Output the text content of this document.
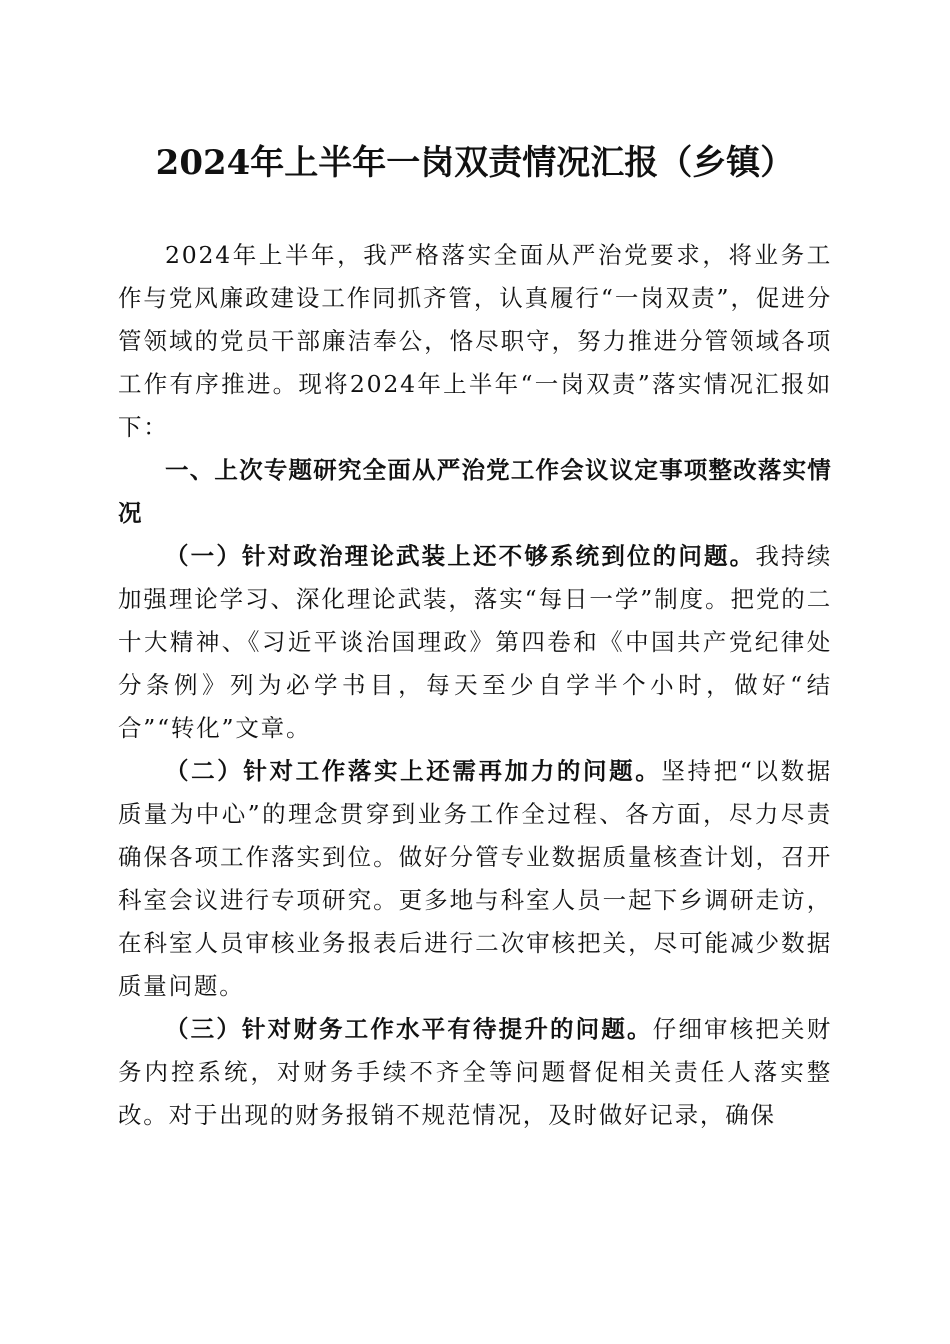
2024年上半年一岗双责情况汇报（乡镇）

2024年上半年，我严格落实全面从严治党要求，将业务工作与党风廉政建设工作同抓齐管，认真履行“一岗双责”，促进分管领域的党员干部廉洁奉公，恪尽职守，努力推进分管领域各项工作有序推进。现将2024年上半年“一岗双责”落实情况汇报如下：

一、上次专题研究全面从严治党工作会议议定事项整改落实情况

（一）针对政治理论武装上还不够系统到位的问题。我持续加强理论学习、深化理论武装，落实“每日一学”制度。把党的二十大精神、《习近平谈治国理政》第四卷和《中国共产党纪律处分条例》列为必学书目，每天至少自学半个小时，做好“结合”“转化”文章。

（二）针对工作落实上还需再加力的问题。坚持把“以数据质量为中心”的理念贯穿到业务工作全过程、各方面，尽力尽责确保各项工作落实到位。做好分管专业数据质量核查计划，召开科室会议进行专项研究。更多地与科室人员一起下乡调研走访，在科室人员审核业务报表后进行二次审核把关，尽可能减少数据质量问题。

（三）针对财务工作水平有待提升的问题。仔细审核把关财务内控系统，对财务手续不齐全等问题督促相关责任人落实整改。对于出现的财务报销不规范情况，及时做好记录，确保
